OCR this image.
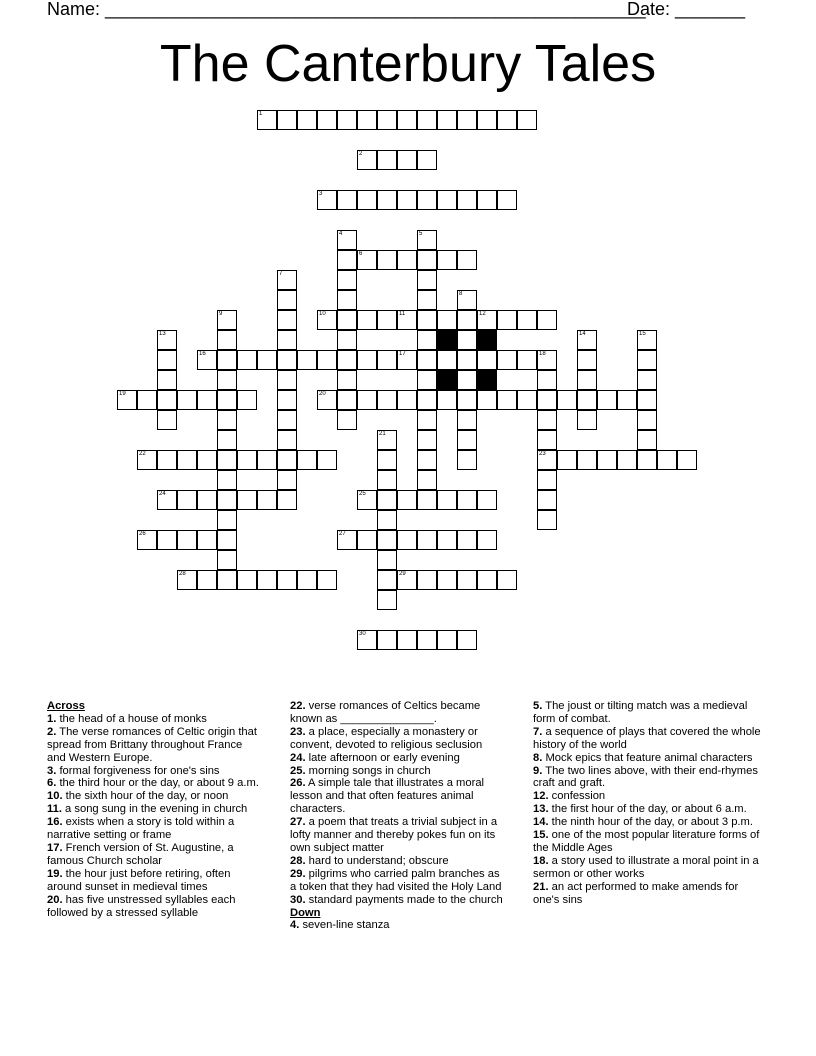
Name: ______________________________________________________
Date: _______
The Canterbury Tales
1
2
3
6
10	11	12
16	17
19	20
22	23
24	25
26	27
28	29
30
4	5
7
8
9
13	14	15
18
21
Across
1. the head of a house of monks
2. The verse romances of Celtic origin that spread from Brittany throughout France and Western Europe.
3. formal forgiveness for one's sins
6. the third hour or the day, or about 9 a.m.
10. the sixth hour of the day, or noon
11. a song sung in the evening in church
16. exists when a story is told within a narrative setting or frame
17. French version of St. Augustine, a famous Church scholar
19. the hour just before retiring, often around sunset in medieval times
20. has five unstressed syllables each followed by a stressed syllable
22. verse romances of Celtics became known as _______________.
23. a place, especially a monastery or convent, devoted to religious seclusion
24. late afternoon or early evening
25. morning songs in church
26. A simple tale that illustrates a moral lesson and that often features animal characters.
27. a poem that treats a trivial subject in a lofty manner and thereby pokes fun on its own subject matter
28. hard to understand; obscure
29. pilgrims who carried palm branches as a token that they had visited the Holy Land
30. standard payments made to the church
Down
4. seven-line stanza
5. The joust or tilting match was a medieval form of combat.
7. a sequence of plays that covered the whole history of the world
8. Mock epics that feature animal characters
9. The two lines above, with their end-rhymes craft and graft.
12. confession
13. the first hour of the day, or about 6 a.m.
14. the ninth hour of the day, or about 3 p.m.
15. one of the most popular literature forms of the Middle Ages
18. a story used to illustrate a moral point in a sermon or other works
21. an act performed to make amends for one's sins
